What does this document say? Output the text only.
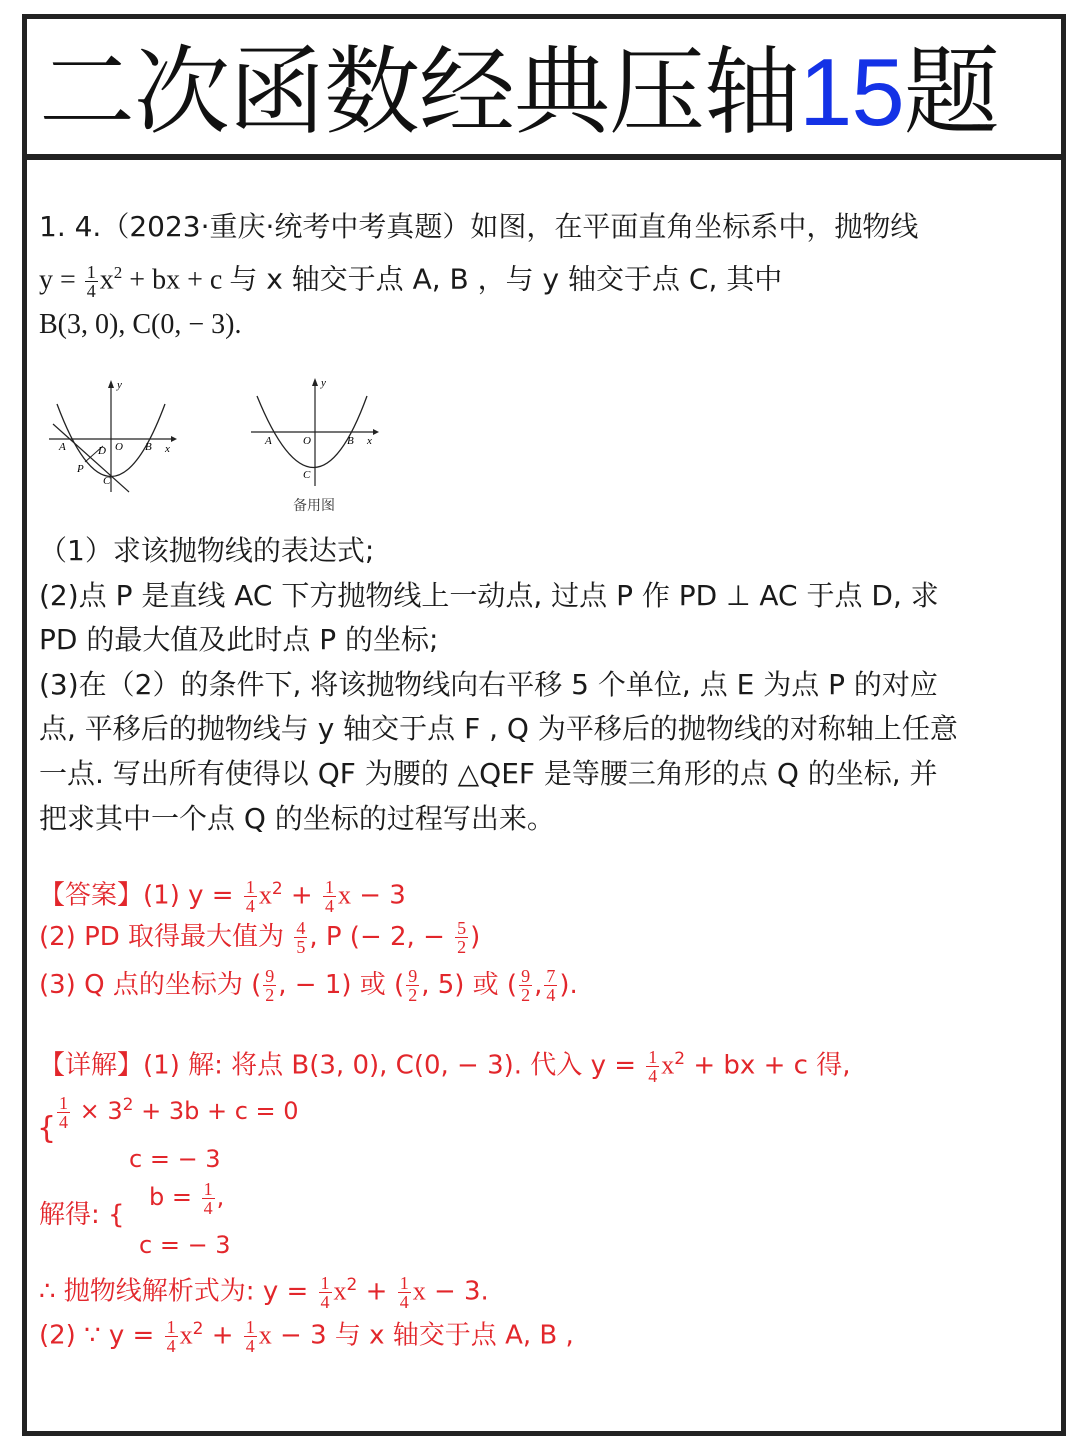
二次函数经典压轴15题
1. 4.（2023·重庆·统考中考真题）如图，在平面直角坐标系中，抛物线
$y = \frac{1}{4} x^2$ + bx + c 与 x 轴交于点 A, B ，与 y 轴交于点 C, 其中
B(3, 0), C(0, − 3).
y
x
A	D O B
P
C
y
x
A	O	B
C
备用图
（1）求该抛物线的表达式;
(2)点 P 是直线 AC 下方抛物线上一动点, 过点 P 作 PD ⊥ AC 于点 D, 求
PD 的最大值及此时点 P 的坐标;
(3)在（2）的条件下, 将该抛物线向右平移 5 个单位, 点 E 为点 P 的对应
点, 平移后的抛物线与 y 轴交于点 F , Q 为平移后的抛物线的对称轴上任意
一点. 写出所有使得以 QF 为腰的 △QEF 是等腰三角形的点 Q 的坐标, 并
把求其中一个点 Q 的坐标的过程写出来。
【答案】(1) $y = \frac{1}{4} x^2 + \frac{1}{4}$ x − 3
(2) PD 取得最大值为 $\frac{4}{5}$ , P (− 2, − $\frac{5}{2}$ )
(3) Q 点的坐标为 ( $\frac{9}{2}$ , − 1) 或 ( $\frac{9}{2}$ , 5) 或 ( $\frac{9}{2}$ , $\frac{7}{4}$ ).
【详解】(1) 解: 将点 B(3, 0), C(0, − 3). 代入 $y = \frac{1}{4} x^2$ + bx + c 得,
$\frac{1}{4} \times 3^2 + 3b + c = 0$
{
c = − 3
解得: {
$b = \frac{1}{4}$ ,
c = − 3
∴ 抛物线解析式为: $y = \frac{1}{4} x^2 + \frac{1}{4}$ x − 3.
(2) ∵ $y = \frac{1}{4} x^2 + \frac{1}{4}$ x − 3 与 x 轴交于点 A, B ,
